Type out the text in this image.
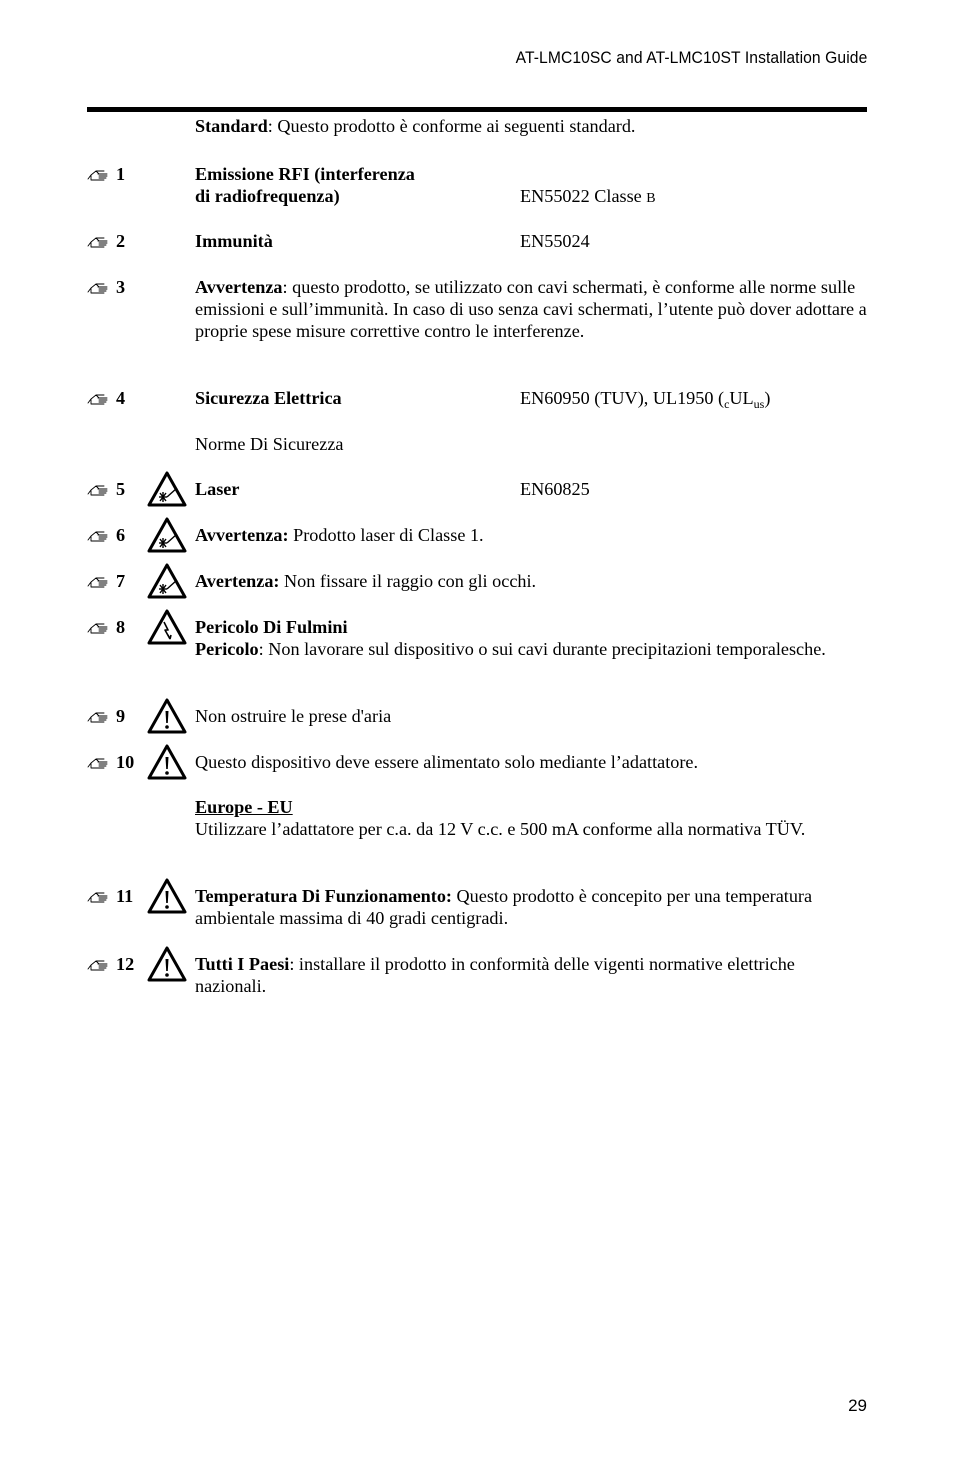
AT-LMC10SC and AT-LMC10ST Installation Guide
Standard: Questo prodotto è conforme ai seguenti standard.
1	Emissione RFI (interferenza
di radiofrequenza)	EN55022 Classe B
2	Immunità	EN55024
3	Avvertenza: questo prodotto, se utilizzato con cavi schermati, è conforme alle norme sulle emissioni e sull’immunità. In caso di uso senza cavi schermati, l’utente può dover adottare a proprie spese misure correttive contro le interferenze.
4	Sicurezza Elettrica	EN60950 (TUV), UL1950 $(_cUL_{us})$
Norme Di Sicurezza
5	Laser	EN60825
6	Avvertenza: Prodotto laser di Classe 1.
7	Avertenza: Non fissare il raggio con gli occhi.
8	Pericolo Di Fulmini
Pericolo: Non lavorare sul dispositivo o sui cavi durante precipitazioni temporalesche.
9	Non ostruire le prese d'aria
10	Questo dispositivo deve essere alimentato solo mediante l’adattatore.
Europe - EU
Utilizzare l’adattatore per c.a. da 12 V c.c. e 500 mA conforme alla normativa TÜV.
11	Temperatura Di Funzionamento: Questo prodotto è concepito per una temperatura ambientale massima di 40 gradi centigradi.
12	Tutti I Paesi: installare il prodotto in conformità delle vigenti normative elettriche nazionali.
29
